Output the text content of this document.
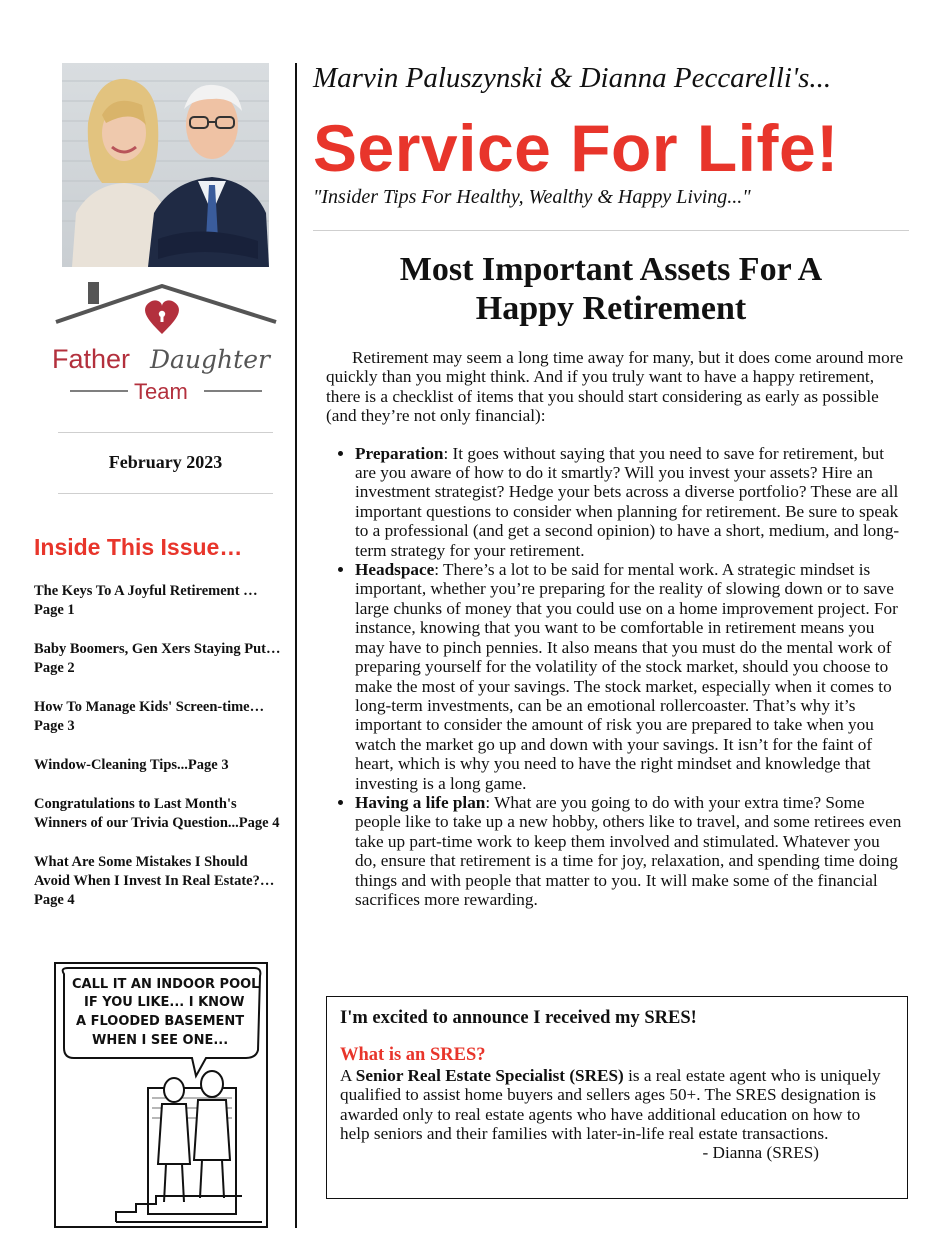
Father Daughter
Team
February 2023
Inside This Issue…
The Keys To A Joyful Retirement …Page 1
Baby Boomers, Gen Xers Staying Put…Page 2
How To Manage Kids' Screen-time…Page 3
Window-Cleaning Tips...Page 3
Congratulations to Last Month's Winners of our Trivia Question...Page 4
What Are Some Mistakes I Should Avoid When I Invest In Real Estate?…Page 4
CALL IT AN INDOOR POOL
IF YOU LIKE... I KNOW
A FLOODED BASEMENT
WHEN I SEE ONE...
Marvin Paluszynski & Dianna Peccarelli's...
Service For Life!
"Insider Tips For Healthy, Wealthy & Happy Living..."
Most Important Assets For A
Happy Retirement

Retirement may seem a long time away for many, but it does come around more quickly than you might think. And if you truly want to have a happy retirement, there is a checklist of items that you should start considering as early as possible (and they’re not only financial):

• Preparation: It goes without saying that you need to save for retirement, but are you aware of how to do it smartly? Will you invest your assets? Hire an investment strategist? Hedge your bets across a diverse portfolio? These are all important questions to consider when planning for retirement. Be sure to speak to a professional (and get a second opinion) to have a short, medium, and long-term strategy for your retirement.
• Headspace: There’s a lot to be said for mental work. A strategic mindset is important, whether you’re preparing for the reality of slowing down or to save large chunks of money that you could use on a home improvement project. For instance, knowing that you want to be comfortable in retirement means you may have to pinch pennies. It also means that you must do the mental work of preparing yourself for the volatility of the stock market, should you choose to make the most of your savings. The stock market, especially when it comes to long-term investments, can be an emotional rollercoaster. That’s why it’s important to consider the amount of risk you are prepared to take when you watch the market go up and down with your savings. It isn’t for the faint of heart, which is why you need to have the right mindset and knowledge that investing is a long game.
• Having a life plan: What are you going to do with your extra time? Some people like to take up a new hobby, others like to travel, and some retirees even take up part-time work to keep them involved and stimulated. Whatever you do, ensure that retirement is a time for joy, relaxation, and spending time doing things and with people that matter to you. It will make some of the financial sacrifices more rewarding.

I'm excited to announce I received my SRES!

What is an SRES?

A Senior Real Estate Specialist (SRES) is a real estate agent who is uniquely qualified to assist home buyers and sellers ages 50+. The SRES designation is awarded only to real estate agents who have additional education on how to help seniors and their families with later-in-life real estate transactions.

- Dianna (SRES)
